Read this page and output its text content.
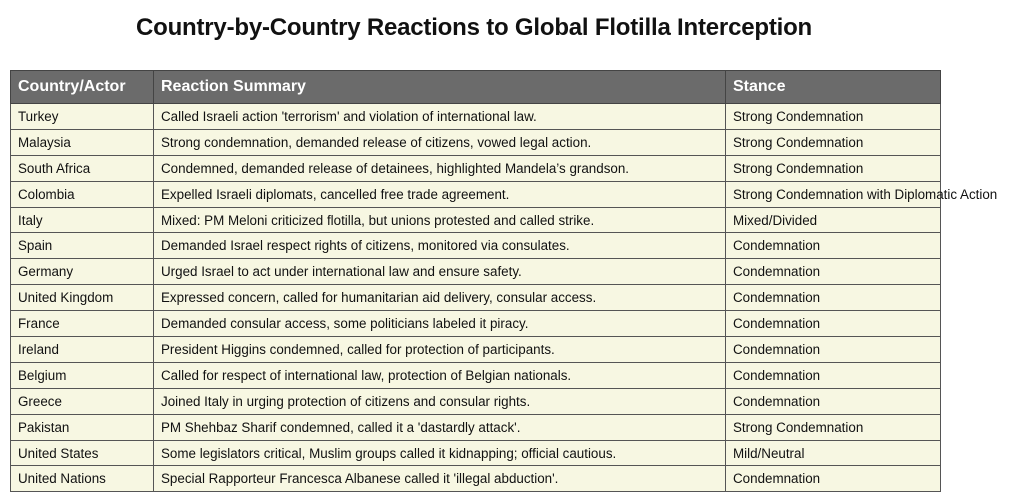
Country-by-Country Reactions to Global Flotilla Interception
Country/Actor	Reaction Summary	Stance
Turkey	Called Israeli action 'terrorism' and violation of international law.	Strong Condemnation
Malaysia	Strong condemnation, demanded release of citizens, vowed legal action.	Strong Condemnation
South Africa	Condemned, demanded release of detainees, highlighted Mandela’s grandson.	Strong Condemnation
Colombia	Expelled Israeli diplomats, cancelled free trade agreement.	Strong Condemnation with Diplomatic Action
Italy	Mixed: PM Meloni criticized flotilla, but unions protested and called strike.	Mixed/Divided
Spain	Demanded Israel respect rights of citizens, monitored via consulates.	Condemnation
Germany	Urged Israel to act under international law and ensure safety.	Condemnation
United Kingdom	Expressed concern, called for humanitarian aid delivery, consular access.	Condemnation
France	Demanded consular access, some politicians labeled it piracy.	Condemnation
Ireland	President Higgins condemned, called for protection of participants.	Condemnation
Belgium	Called for respect of international law, protection of Belgian nationals.	Condemnation
Greece	Joined Italy in urging protection of citizens and consular rights.	Condemnation
Pakistan	PM Shehbaz Sharif condemned, called it a 'dastardly attack'.	Strong Condemnation
United States	Some legislators critical, Muslim groups called it kidnapping; official cautious.	Mild/Neutral
United Nations	Special Rapporteur Francesca Albanese called it 'illegal abduction'.	Condemnation
